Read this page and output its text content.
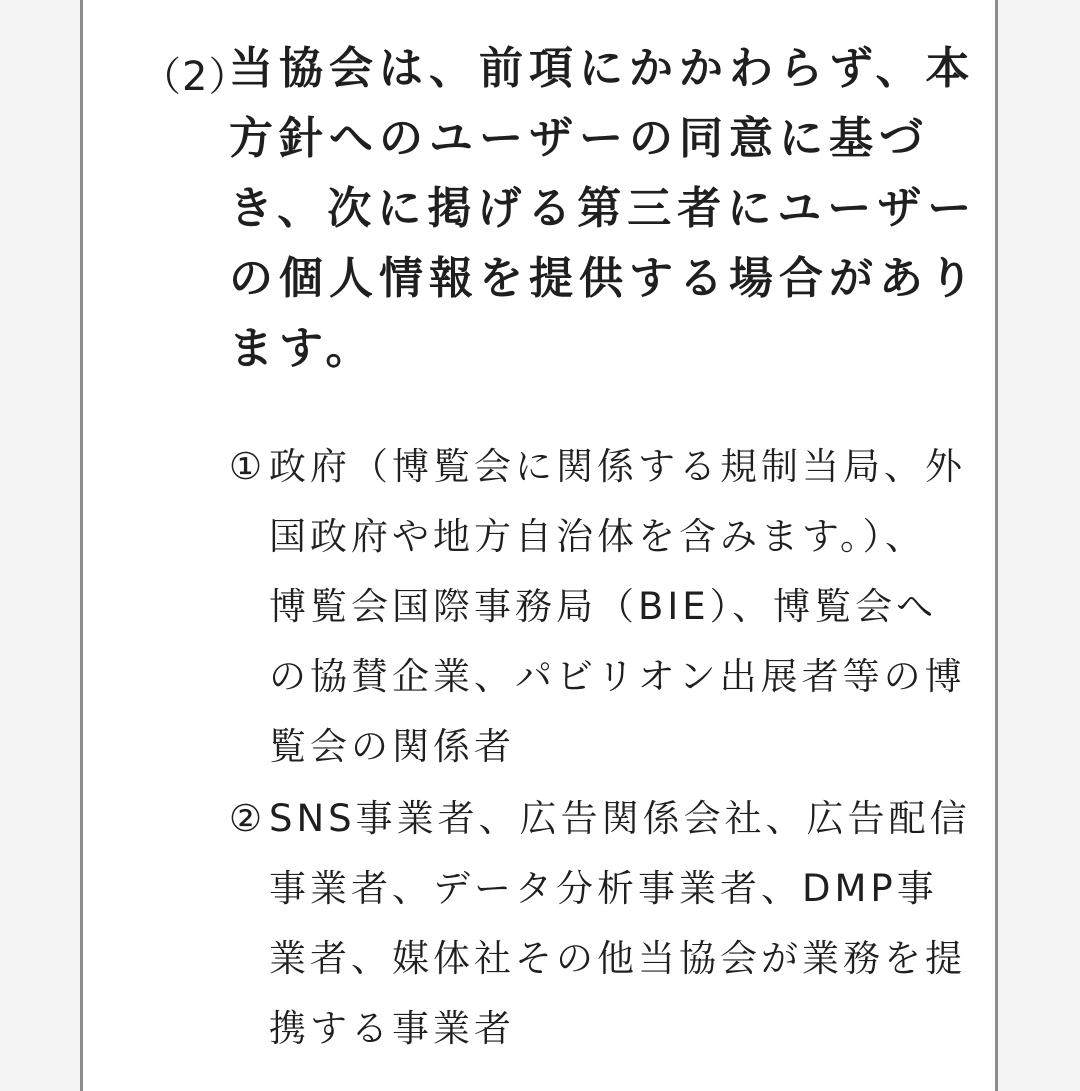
（2）

当協会は、前項にかかわらず、本
方針へのユーザーの同意に基づ
き、次に掲げる第三者にユーザー
の個人情報を提供する場合があり
ます。

①政府（博覧会に関係する規制当局、外
国政府や地方自治体を含みます。）、
博覧会国際事務局（BIE）、博覧会へ
の協賛企業、パビリオン出展者等の博
覧会の関係者

②SNS事業者、広告関係会社、広告配信
事業者、データ分析事業者、DMP事
業者、媒体社その他当協会が業務を提
携する事業者
